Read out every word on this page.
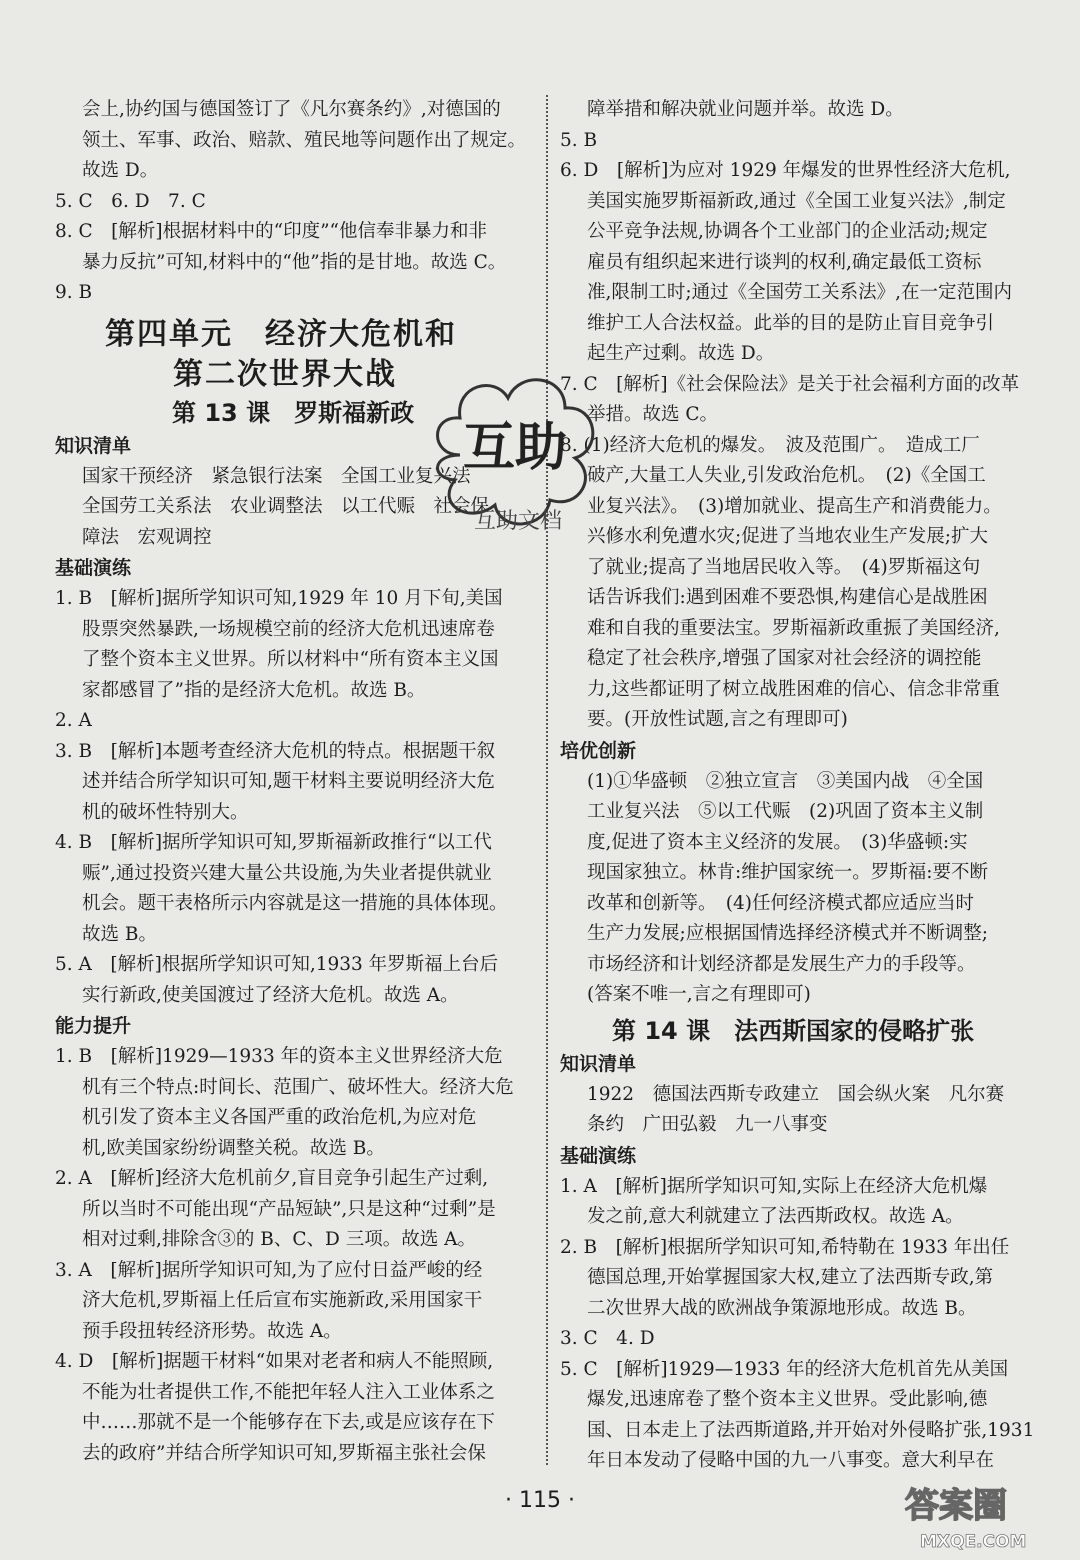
会上,协约国与德国签订了《凡尔赛条约》,对德国的
领土、军事、政治、赔款、殖民地等问题作出了规定。
故选 D。
5. C　6. D　7. C
8. C　[解析]根据材料中的“印度”“他信奉非暴力和非
暴力反抗”可知,材料中的“他”指的是甘地。故选 C。
9. B
第四单元　经济大危机和
第二次世界大战
第 13 课　罗斯福新政
知识清单
国家干预经济　紧急银行法案　全国工业复兴法
全国劳工关系法　农业调整法　以工代赈　社会保
障法　宏观调控
基础演练
1. B　[解析]据所学知识可知,1929 年 10 月下旬,美国
股票突然暴跌,一场规模空前的经济大危机迅速席卷
了整个资本主义世界。所以材料中“所有资本主义国
家都感冒了”指的是经济大危机。故选 B。
2. A
3. B　[解析]本题考查经济大危机的特点。根据题干叙
述并结合所学知识可知,题干材料主要说明经济大危
机的破坏性特别大。
4. B　[解析]据所学知识可知,罗斯福新政推行“以工代
赈”,通过投资兴建大量公共设施,为失业者提供就业
机会。题干表格所示内容就是这一措施的具体体现。
故选 B。
5. A　[解析]根据所学知识可知,1933 年罗斯福上台后
实行新政,使美国渡过了经济大危机。故选 A。
能力提升
1. B　[解析]1929—1933 年的资本主义世界经济大危
机有三个特点:时间长、范围广、破坏性大。经济大危
机引发了资本主义各国严重的政治危机,为应对危
机,欧美国家纷纷调整关税。故选 B。
2. A　[解析]经济大危机前夕,盲目竞争引起生产过剩,
所以当时不可能出现“产品短缺”,只是这种“过剩”是
相对过剩,排除含③的 B、C、D 三项。故选 A。
3. A　[解析]据所学知识可知,为了应付日益严峻的经
济大危机,罗斯福上任后宣布实施新政,采用国家干
预手段扭转经济形势。故选 A。
4. D　[解析]据题干材料“如果对老者和病人不能照顾,
不能为壮者提供工作,不能把年轻人注入工业体系之
中……那就不是一个能够存在下去,或是应该存在下
去的政府”并结合所学知识可知,罗斯福主张社会保
障举措和解决就业问题并举。故选 D。
5. B
6. D　[解析]为应对 1929 年爆发的世界性经济大危机,
美国实施罗斯福新政,通过《全国工业复兴法》,制定
公平竞争法规,协调各个工业部门的企业活动;规定
雇员有组织起来进行谈判的权利,确定最低工资标
准,限制工时;通过《全国劳工关系法》,在一定范围内
维护工人合法权益。此举的目的是防止盲目竞争引
起生产过剩。故选 D。
7. C　[解析]《社会保险法》是关于社会福利方面的改革
举措。故选 C。
8. (1)经济大危机的爆发。　波及范围广。　造成工厂
破产,大量工人失业,引发政治危机。　(2)《全国工
业复兴法》。　(3)增加就业、提高生产和消费能力。
兴修水利免遭水灾;促进了当地农业生产发展;扩大
了就业;提高了当地居民收入等。　(4)罗斯福这句
话告诉我们:遇到困难不要恐惧,构建信心是战胜困
难和自我的重要法宝。罗斯福新政重振了美国经济,
稳定了社会秩序,增强了国家对社会经济的调控能
力,这些都证明了树立战胜困难的信心、信念非常重
要。(开放性试题,言之有理即可)
培优创新
(1)①华盛顿　②独立宣言　③美国内战　④全国
工业复兴法　⑤以工代赈　(2)巩固了资本主义制
度,促进了资本主义经济的发展。　(3)华盛顿:实
现国家独立。林肯:维护国家统一。罗斯福:要不断
改革和创新等。　(4)任何经济模式都应适应当时
生产力发展;应根据国情选择经济模式并不断调整;
市场经济和计划经济都是发展生产力的手段等。
(答案不唯一,言之有理即可)
第 14 课　法西斯国家的侵略扩张
知识清单
1922　德国法西斯专政建立　国会纵火案　凡尔赛
条约　广田弘毅　九一八事变
基础演练
1. A　[解析]据所学知识可知,实际上在经济大危机爆
发之前,意大利就建立了法西斯政权。故选 A。
2. B　[解析]根据所学知识可知,希特勒在 1933 年出任
德国总理,开始掌握国家大权,建立了法西斯专政,第
二次世界大战的欧洲战争策源地形成。故选 B。
3. C　4. D
5. C　[解析]1929—1933 年的经济大危机首先从美国
爆发,迅速席卷了整个资本主义世界。受此影响,德
国、日本走上了法西斯道路,并开始对外侵略扩张,1931
年日本发动了侵略中国的九一八事变。意大利早在
· 115 ·
互助
互助文档
答案圈
MXQE.COM
